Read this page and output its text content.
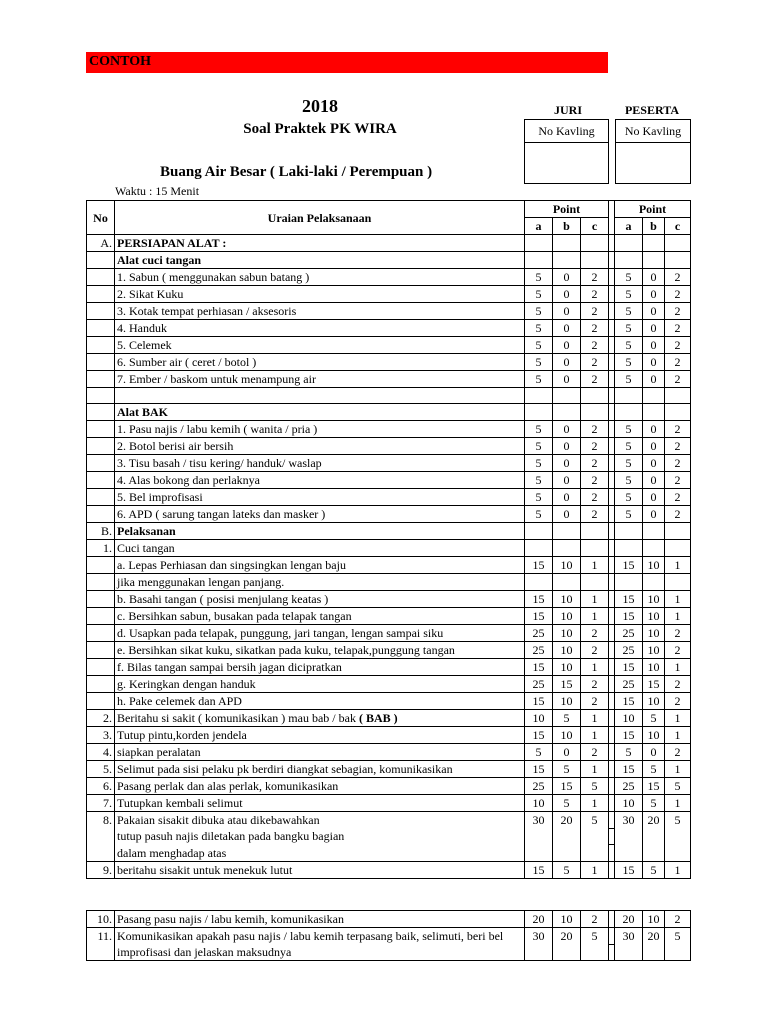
CONTOH
2018
Soal Praktek PK WIRA
JURI	PESERTA
No Kavling	No Kavling
Buang Air Besar ( Laki-laki / Perempuan )
Waktu : 15 Menit
No	Uraian Pelaksanaan	Point				Point		
		a	b	c		a	b	c
A.	PERSIAPAN ALAT :							
	Alat cuci tangan							
	1. Sabun ( menggunakan sabun batang )	5	0	2		5	0	2
	2. Sikat Kuku	5	0	2		5	0	2
	3. Kotak tempat perhiasan / aksesoris	5	0	2		5	0	2
	4. Handuk	5	0	2		5	0	2
	5. Celemek	5	0	2		5	0	2
	6. Sumber air ( ceret / botol )	5	0	2		5	0	2
	7. Ember / baskom untuk menampung air	5	0	2		5	0	2

	Alat BAK							
	1. Pasu najis / labu kemih ( wanita / pria )	5	0	2		5	0	2
	2. Botol berisi air bersih	5	0	2		5	0	2
	3. Tisu basah / tisu kering/ handuk/ waslap	5	0	2		5	0	2
	4. Alas bokong dan perlaknya	5	0	2		5	0	2
	5. Bel improfisasi	5	0	2		5	0	2
	6. APD ( sarung tangan lateks dan masker )	5	0	2		5	0	2
B.	Pelaksanan							
1.	Cuci tangan							
	a. Lepas Perhiasan dan singsingkan lengan baju	15	10	1		15	10	1
	jika menggunakan lengan panjang.							
	b. Basahi tangan ( posisi menjulang keatas )	15	10	1		15	10	1
	c. Bersihkan sabun, busakan pada telapak tangan	15	10	1		15	10	1
	d. Usapkan pada telapak, punggung, jari tangan, lengan sampai siku	25	10	2		25	10	2
	e. Bersihkan sikat kuku, sikatkan pada kuku, telapak,punggung tangan	25	10	2		25	10	2
	f. Bilas tangan sampai bersih jagan dicipratkan	15	10	1		15	10	1
	g. Keringkan dengan handuk	25	15	2		25	15	2
	h. Pake celemek dan APD	15	10	2		15	10	2
2.	Beritahu si sakit ( komunikasikan ) mau bab / bak ( BAB )	10	5	1		10	5	1
3.	Tutup pintu,korden jendela	15	10	1		15	10	1
4.	siapkan peralatan	5	0	2		5	0	2
5.	Selimut pada sisi pelaku pk berdiri diangkat sebagian, komunikasikan	15	5	1		15	5	1
6.	Pasang perlak dan alas perlak, komunikasikan	25	15	5		25	15	5
7.	Tutupkan kembali selimut	10	5	1		10	5	1
8.	Pakaian sisakit dibuka atau dikebawahkan	30	20	5		30	20	5
	tutup pasuh najis diletakan pada bangku bagian							
	dalam menghadap atas							
9.	beritahu sisakit untuk menekuk lutut	15	5	1		15	5	1
10.	Pasang pasu najis / labu kemih, komunikasikan	20	10	2		20	10	2
11.	Komunikasikan apakah pasu najis / labu kemih terpasang baik, selimuti, beri bel	30	20	5		30	20	5
	improfisasi dan jelaskan maksudnya							
